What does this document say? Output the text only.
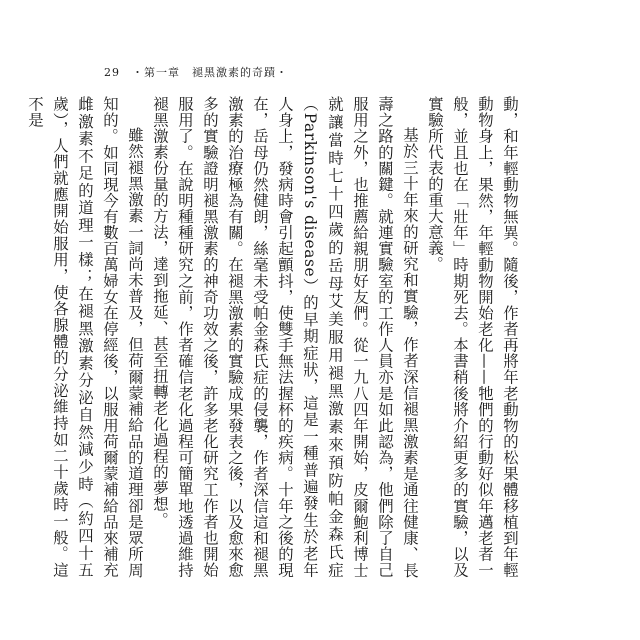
29 ・第一章　褪黑激素的奇蹟・

動，和年輕動物無異。隨後，作者再將年老動物的松果體移植到年輕動物身上，果然，年輕動物開始老化——牠們的行動好似年邁老者一般，並且也在「壯年」時期死去。本書稍後將介紹更多的實驗，以及實驗所代表的重大意義。

基於三十年來的研究和實驗，作者深信褪黑激素是通往健康、長壽之路的關鍵。就連實驗室的工作人員亦是如此認為，他們除了自己服用之外，也推薦給親朋好友們。從一九八四年開始，皮爾鮑利博士就讓當時七十四歲的岳母艾美服用褪黑激素來預防帕金森氏症（Parkinson's disease）的早期症狀，這是一種普遍發生於老年人身上，發病時會引起顫抖，使雙手無法握杯的疾病。十年之後的現在，岳母仍然健朗，絲毫未受帕金森氏症的侵襲，作者深信這和褪黑激素的治療極為有關。在褪黑激素的實驗成果發表之後，以及愈來愈多的實驗證明褪黑激素的神奇功效之後，許多老化研究工作者也開始服用了。在說明種種研究之前，作者確信老化過程可簡單地透過維持褪黑激素份量的方法，達到拖延、甚至扭轉老化過程的夢想。

雖然褪黑激素一詞尚未普及，但荷爾蒙補給品的道理卻是眾所周知的。如同現今有數百萬婦女在停經後，以服用荷爾蒙補給品來補充雌激素不足的道理一樣；在褪黑激素分泌自然減少時（約四十五歲），人們就應開始服用，使各腺體的分泌維持如二十歲時一般。這不是
